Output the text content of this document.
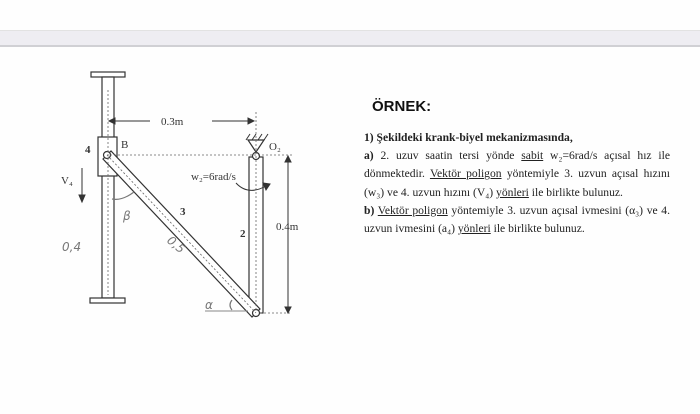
0.3m
0.4m
4	B	O₂
V₄	w₂=6rad/s
3
2
β
0,4	0,5
α
ÖRNEK:

1) Şekildeki krank-biyel mekanizmasında,

a) 2. uzuv saatin tersi yönde sabit w₂=6rad/s açısal hız ile dönmektedir. Vektör poligon yöntemiyle 3. uzvun açısal hızını (w₃) ve 4. uzvun hızını (V₄) yönleri ile birlikte bulunuz.

b) Vektör poligon yöntemiyle 3. uzvun açısal ivmesini (α₃) ve 4. uzvun ivmesini (a₄) yönleri ile birlikte bulunuz.
